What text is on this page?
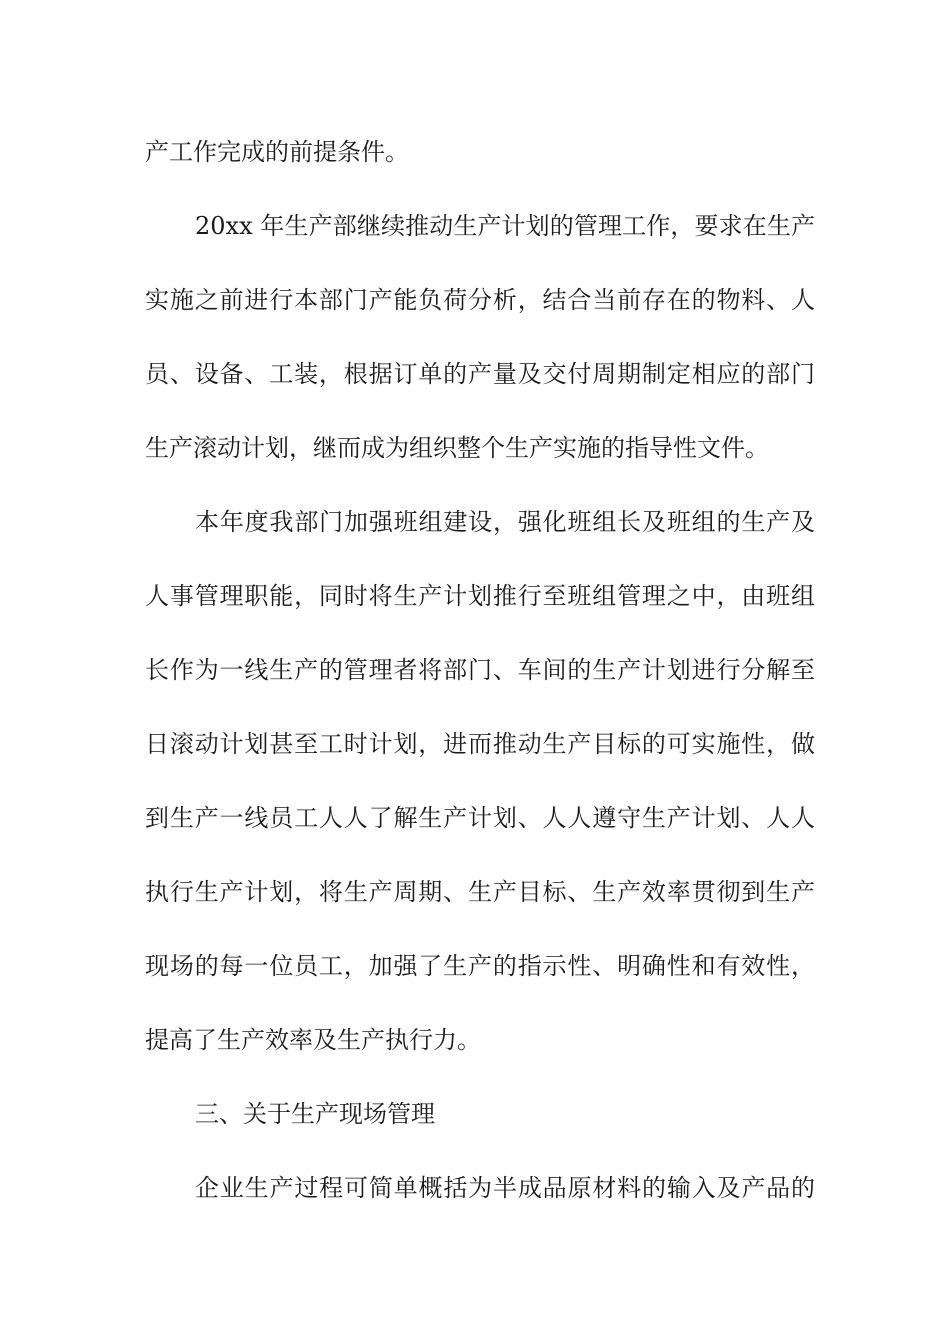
产工作完成的前提条件。
20xx 年生产部继续推动生产计划的管理工作，要求在生产
实施之前进行本部门产能负荷分析，结合当前存在的物料、人
员、设备、工装，根据订单的产量及交付周期制定相应的部门
生产滚动计划，继而成为组织整个生产实施的指导性文件。
本年度我部门加强班组建设，强化班组长及班组的生产及
人事管理职能，同时将生产计划推行至班组管理之中，由班组
长作为一线生产的管理者将部门、车间的生产计划进行分解至
日滚动计划甚至工时计划，进而推动生产目标的可实施性，做
到生产一线员工人人了解生产计划、人人遵守生产计划、人人
执行生产计划，将生产周期、生产目标、生产效率贯彻到生产
现场的每一位员工，加强了生产的指示性、明确性和有效性，
提高了生产效率及生产执行力。
三、关于生产现场管理
企业生产过程可简单概括为半成品原材料的输入及产品的
